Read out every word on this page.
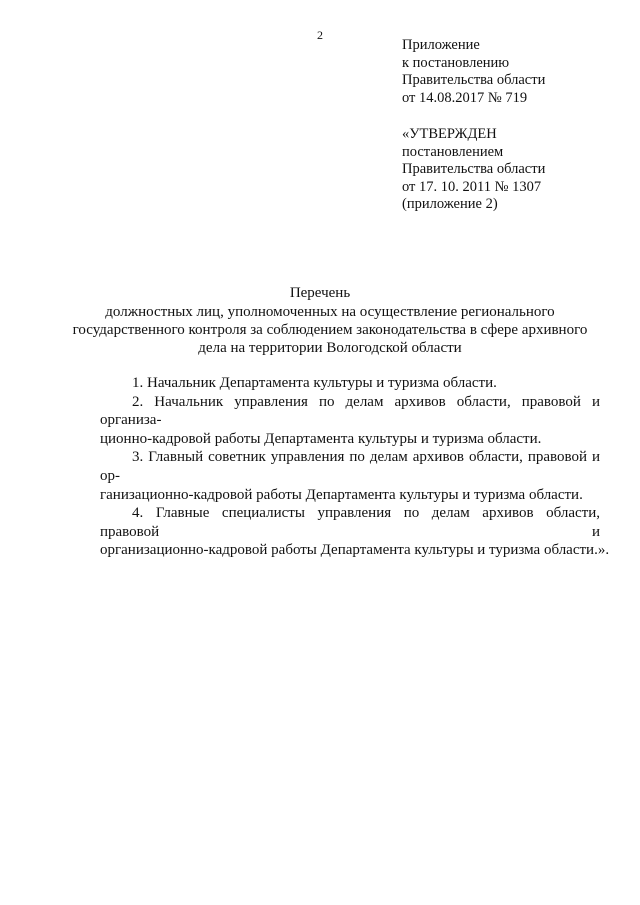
2
Приложение
к постановлению
Правительства области
от 14.08.2017 № 719
«УТВЕРЖДЕН
постановлением
Правительства области
от 17. 10. 2011 № 1307
(приложение 2)
Перечень
должностных лиц, уполномоченных на осуществление регионального
государственного контроля за соблюдением законодательства в сфере архивного
дела на территории Вологодской области
1. Начальник Департамента культуры и туризма области.
2. Начальник управления по делам архивов области, правовой и организа-
ционно-кадровой работы Департамента культуры и туризма области.
3. Главный советник управления по делам архивов области, правовой и ор-
ганизационно-кадровой работы Департамента культуры и туризма области.
4. Главные специалисты управления по делам архивов области, правовой и
организационно-кадровой работы Департамента культуры и туризма области.».
